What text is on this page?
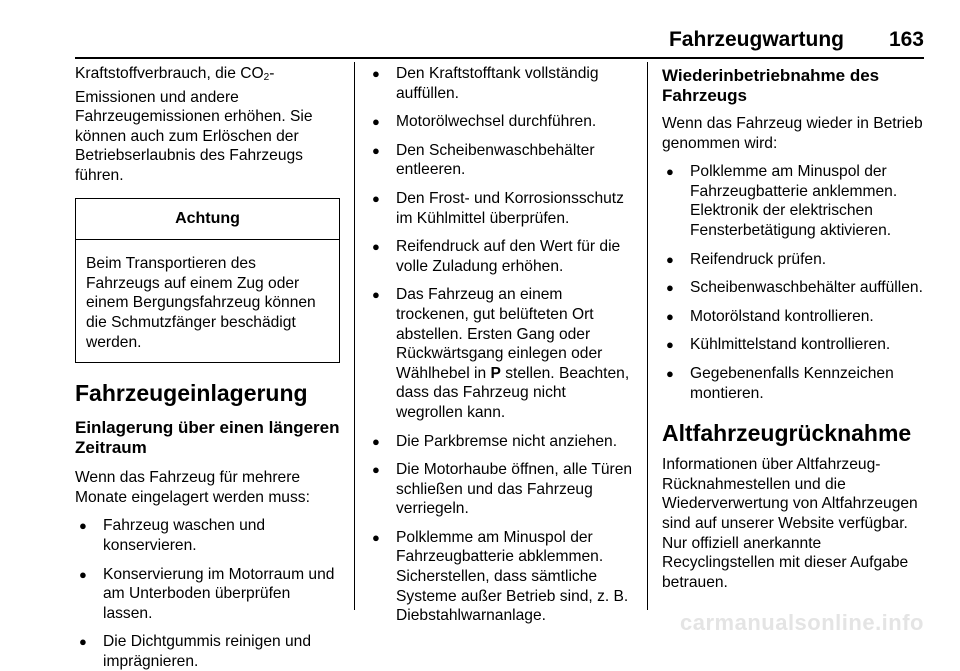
Fahrzeugwartung 163

Kraftstoffverbrauch, die $CO_2$-Emissionen und andere Fahrzeugemissionen erhöhen. Sie können auch zum Erlöschen der Betriebserlaubnis des Fahrzeugs führen.

Achtung
Beim Transportieren des Fahrzeugs auf einem Zug oder einem Bergungsfahrzeug können die Schmutzfänger beschädigt werden.
Fahrzeugeinlagerung
Einlagerung über einen längeren Zeitraum

Wenn das Fahrzeug für mehrere Monate eingelagert werden muss:

● Fahrzeug waschen und konservieren.
● Konservierung im Motorraum und am Unterboden überprüfen lassen.
● Die Dichtgummis reinigen und imprägnieren.
● Den Kraftstofftank vollständig auffüllen.
● Motorölwechsel durchführen.
● Den Scheibenwaschbehälter entleeren.
● Den Frost- und Korrosionsschutz im Kühlmittel überprüfen.
● Reifendruck auf den Wert für die volle Zuladung erhöhen.
● Das Fahrzeug an einem trockenen, gut belüfteten Ort abstellen. Ersten Gang oder Rückwärtsgang einlegen oder Wählhebel in P stellen. Beachten, dass das Fahrzeug nicht wegrollen kann.
● Die Parkbremse nicht anziehen.
● Die Motorhaube öffnen, alle Türen schließen und das Fahrzeug verriegeln.
● Polklemme am Minuspol der Fahrzeugbatterie abklemmen. Sicherstellen, dass sämtliche Systeme außer Betrieb sind, z. B. Diebstahlwarnanlage.
Wiederinbetriebnahme des Fahrzeugs

Wenn das Fahrzeug wieder in Betrieb genommen wird:

● Polklemme am Minuspol der Fahrzeugbatterie anklemmen. Elektronik der elektrischen Fensterbetätigung aktivieren.
● Reifendruck prüfen.
● Scheibenwaschbehälter auffüllen.
● Motorölstand kontrollieren.
● Kühlmittelstand kontrollieren.
● Gegebenenfalls Kennzeichen montieren.
Altfahrzeugrücknahme

Informationen über Altfahrzeug-Rücknahmestellen und die Wiederverwertung von Altfahrzeugen sind auf unserer Website verfügbar. Nur offiziell anerkannte Recyclingstellen mit dieser Aufgabe betrauen.

carmanualsonline.info
